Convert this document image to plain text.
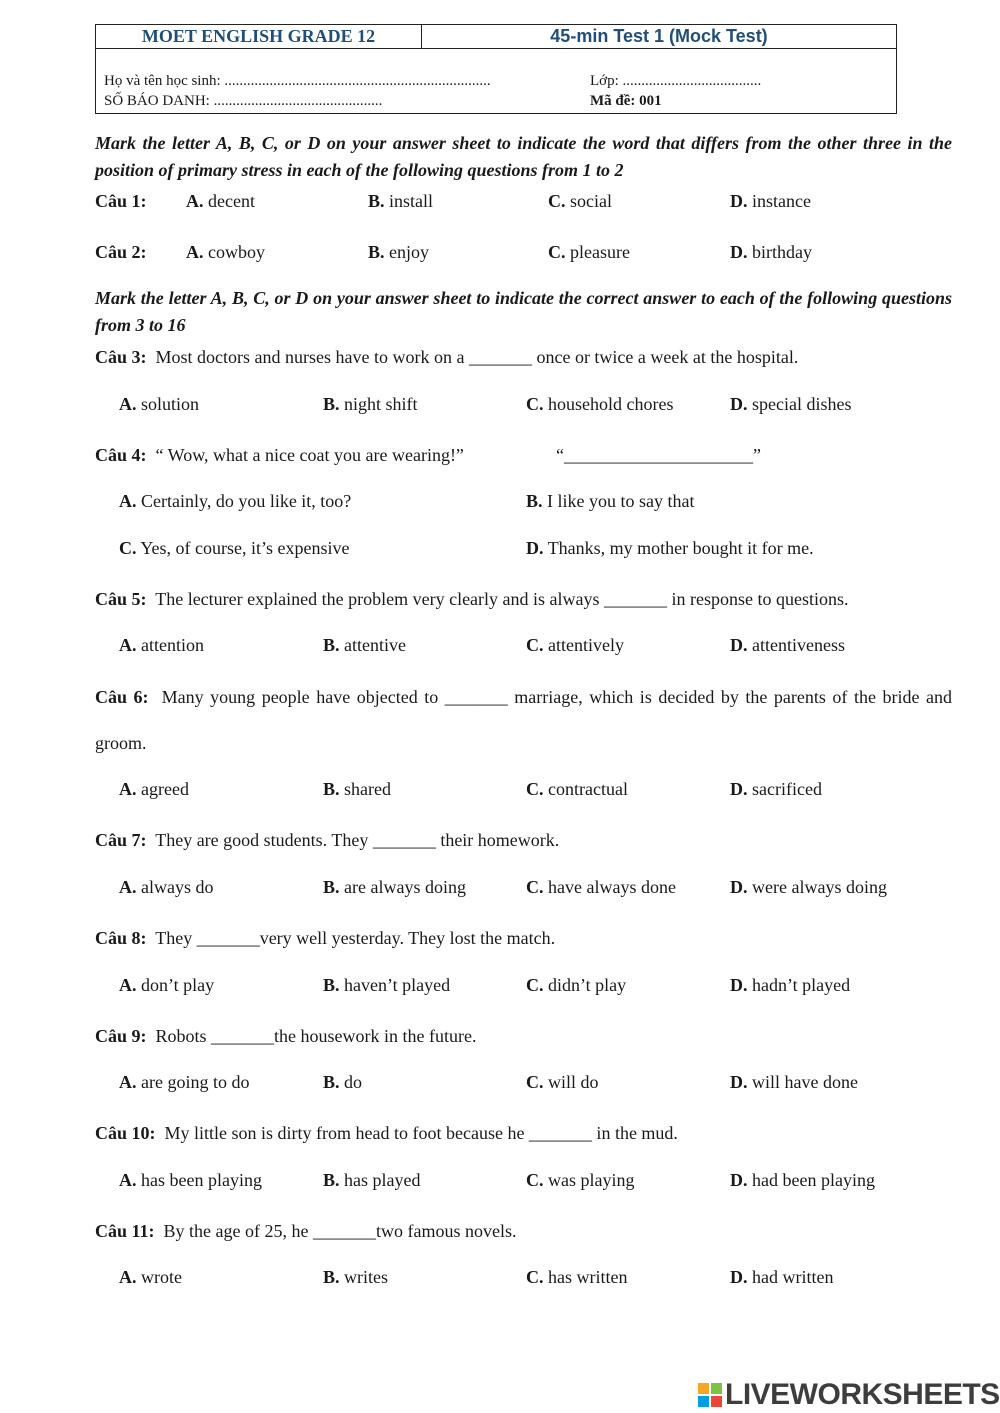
MOET ENGLISH GRADE 12	45-min Test 1 (Mock Test)
Họ và tên học sinh: .......................................................................	Lớp: .....................................
SỐ BÁO DANH: .............................................	Mã đề: 001
Mark the letter A, B, C, or D on your answer sheet to indicate the word that differs from the other three in the position of primary stress in each of the following questions from 1 to 2
Câu 1: A. decent	B. install	C. social	D. instance
Câu 2: A. cowboy	B. enjoy	C. pleasure	D. birthday
Mark the letter A, B, C, or D on your answer sheet to indicate the correct answer to each of the following questions from 3 to 16
Câu 3: Most doctors and nurses have to work on a _______ once or twice a week at the hospital.
A. solution	B. night shift	C. household chores	D. special dishes
Câu 4: “ Wow, what a nice coat you are wearing!”	“_____________________”
A. Certainly, do you like it, too?	B. I like you to say that
C. Yes, of course, it’s expensive	D. Thanks, my mother bought it for me.
Câu 5: The lecturer explained the problem very clearly and is always _______ in response to questions.
A. attention	B. attentive	C. attentively	D. attentiveness
Câu 6: Many young people have objected to _______ marriage, which is decided by the parents of the bride and groom.
A. agreed	B. shared	C. contractual	D. sacrificed
Câu 7: They are good students. They _______ their homework.
A. always do	B. are always doing	C. have always done	D. were always doing
Câu 8: They _______very well yesterday. They lost the match.
A. don’t play	B. haven’t played	C. didn’t play	D. hadn’t played
Câu 9: Robots _______the housework in the future.
A. are going to do	B. do	C. will do	D. will have done
Câu 10: My little son is dirty from head to foot because he _______ in the mud.
A. has been playing	B. has played	C. was playing	D. had been playing
Câu 11: By the age of 25, he _______two famous novels.
A. wrote	B. writes	C. has written	D. had written
LIVEWORKSHEETS
